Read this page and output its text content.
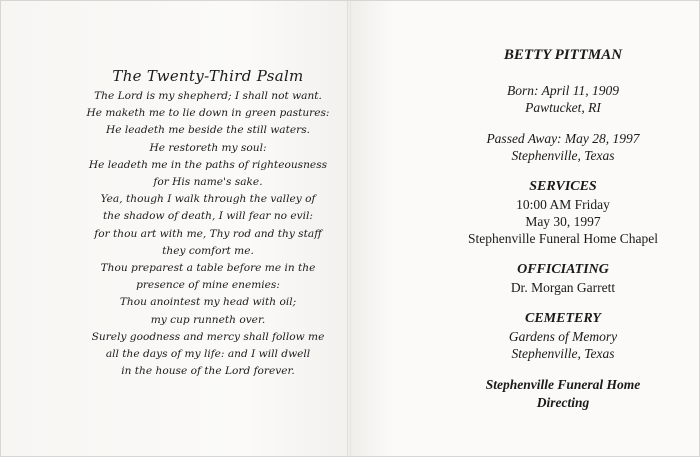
The Twenty-Third Psalm
The Lord is my shepherd; I shall not want.
He maketh me to lie down in green pastures:
He leadeth me beside the still waters.
He restoreth my soul:
He leadeth me in the paths of righteousness
for His name's sake.
Yea, though I walk through the valley of
the shadow of death, I will fear no evil:
for thou art with me, Thy rod and thy staff
they comfort me.
Thou preparest a table before me in the
presence of mine enemies:
Thou anointest my head with oil;
my cup runneth over.
Surely goodness and mercy shall follow me
all the days of my life: and I will dwell
in the house of the Lord forever.
BETTY PITTMAN
Born: April 11, 1909
Pawtucket, RI
Passed Away: May 28, 1997
Stephenville, Texas
SERVICES
10:00 AM Friday
May 30, 1997
Stephenville Funeral Home Chapel
OFFICIATING
Dr. Morgan Garrett
CEMETERY
Gardens of Memory
Stephenville, Texas
Stephenville Funeral Home
Directing
